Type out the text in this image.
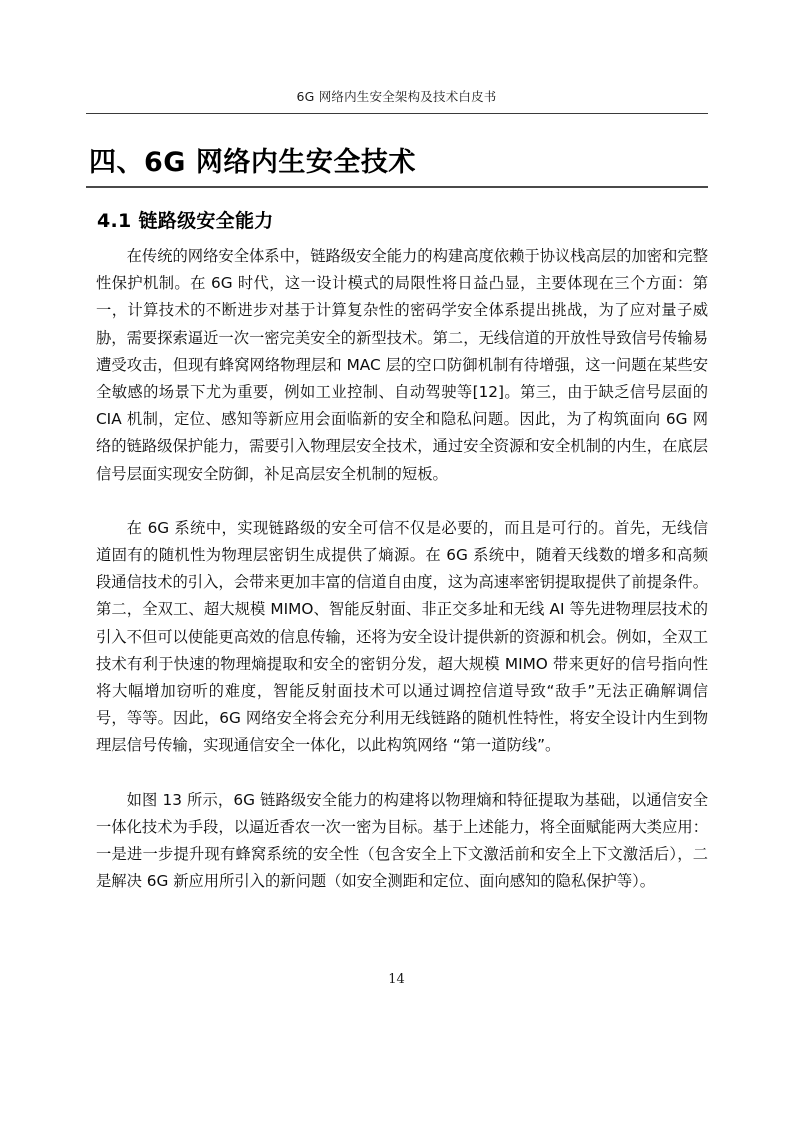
6G 网络内生安全架构及技术白皮书
四、6G 网络内生安全技术
4.1 链路级安全能力

在传统的网络安全体系中，链路级安全能力的构建高度依赖于协议栈高层的加密和完整性保护机制。在 6G 时代，这一设计模式的局限性将日益凸显，主要体现在三个方面：第一，计算技术的不断进步对基于计算复杂性的密码学安全体系提出挑战，为了应对量子威胁，需要探索逼近一次一密完美安全的新型技术。第二，无线信道的开放性导致信号传输易遭受攻击，但现有蜂窝网络物理层和 MAC 层的空口防御机制有待增强，这一问题在某些安全敏感的场景下尤为重要，例如工业控制、自动驾驶等[12]。第三，由于缺乏信号层面的 CIA 机制，定位、感知等新应用会面临新的安全和隐私问题。因此，为了构筑面向 6G 网络的链路级保护能力，需要引入物理层安全技术，通过安全资源和安全机制的内生，在底层信号层面实现安全防御，补足高层安全机制的短板。

在 6G 系统中，实现链路级的安全可信不仅是必要的，而且是可行的。首先，无线信道固有的随机性为物理层密钥生成提供了熵源。在 6G 系统中，随着天线数的增多和高频段通信技术的引入，会带来更加丰富的信道自由度，这为高速率密钥提取提供了前提条件。第二，全双工、超大规模 MIMO、智能反射面、非正交多址和无线 AI 等先进物理层技术的引入不但可以使能更高效的信息传输，还将为安全设计提供新的资源和机会。例如，全双工技术有利于快速的物理熵提取和安全的密钥分发，超大规模 MIMO 带来更好的信号指向性将大幅增加窃听的难度，智能反射面技术可以通过调控信道导致“敌手”无法正确解调信号，等等。因此，6G 网络安全将会充分利用无线链路的随机性特性，将安全设计内生到物理层信号传输，实现通信安全一体化，以此构筑网络 “第一道防线”。

如图 13 所示，6G 链路级安全能力的构建将以物理熵和特征提取为基础，以通信安全一体化技术为手段，以逼近香农一次一密为目标。基于上述能力，将全面赋能两大类应用：一是进一步提升现有蜂窝系统的安全性（包含安全上下文激活前和安全上下文激活后），二是解决 6G 新应用所引入的新问题（如安全测距和定位、面向感知的隐私保护等）。

14
